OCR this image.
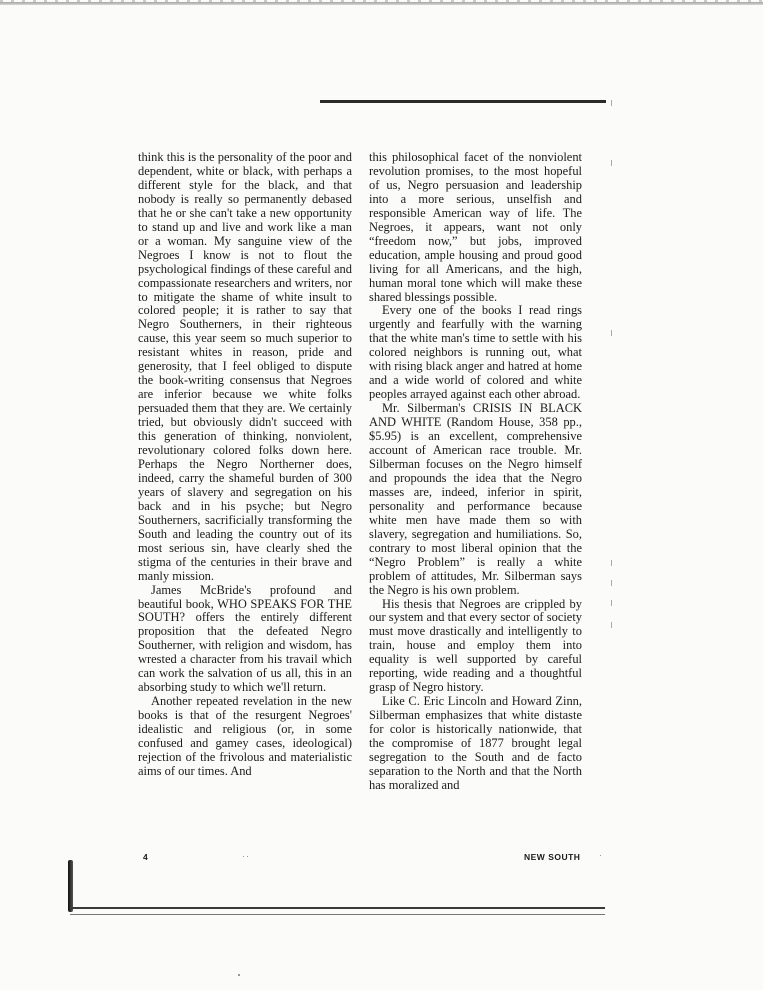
think this is the personality of the poor and dependent, white or black, with perhaps a different style for the black, and that nobody is really so permanently debased that he or she can't take a new opportunity to stand up and live and work like a man or a woman. My sanguine view of the Negroes I know is not to flout the psychological findings of these careful and compassionate researchers and writers, nor to mitigate the shame of white insult to colored people; it is rather to say that Negro Southerners, in their righteous cause, this year seem so much superior to resistant whites in reason, pride and generosity, that I feel obliged to dispute the book-writing consensus that Negroes are inferior because we white folks persuaded them that they are. We certainly tried, but obviously didn't succeed with this generation of thinking, nonviolent, revolutionary colored folks down here. Perhaps the Negro Northerner does, indeed, carry the shameful burden of 300 years of slavery and segregation on his back and in his psyche; but Negro Southerners, sacrificially transforming the South and leading the country out of its most serious sin, have clearly shed the stigma of the centuries in their brave and manly mission.

James McBride's profound and beautiful book, WHO SPEAKS FOR THE SOUTH? offers the entirely different proposition that the defeated Negro Southerner, with religion and wisdom, has wrested a character from his travail which can work the salvation of us all, this in an absorbing study to which we'll return.

Another repeated revelation in the new books is that of the resurgent Negroes' idealistic and religious (or, in some confused and gamey cases, ideological) rejection of the frivolous and materialistic aims of our times. And

this philosophical facet of the nonviolent revolution promises, to the most hopeful of us, Negro persuasion and leadership into a more serious, unselfish and responsible American way of life. The Negroes, it appears, want not only “freedom now,” but jobs, improved education, ample housing and proud good living for all Americans, and the high, human moral tone which will make these shared blessings possible.

Every one of the books I read rings urgently and fearfully with the warning that the white man's time to settle with his colored neighbors is running out, what with rising black anger and hatred at home and a wide world of colored and white peoples arrayed against each other abroad.

Mr. Silberman's CRISIS IN BLACK AND WHITE (Random House, 358 pp., $5.95) is an excellent, comprehensive account of American race trouble. Mr. Silberman focuses on the Negro himself and propounds the idea that the Negro masses are, indeed, inferior in spirit, personality and performance because white men have made them so with slavery, segregation and humiliations. So, contrary to most liberal opinion that the “Negro Problem” is really a white problem of attitudes, Mr. Silberman says the Negro is his own problem.

His thesis that Negroes are crippled by our system and that every sector of society must move drastically and intelligently to train, house and employ them into equality is well supported by careful reporting, wide reading and a thoughtful grasp of Negro history.

Like C. Eric Lincoln and Howard Zinn, Silberman emphasizes that white distaste for color is historically nationwide, that the compromise of 1877 brought legal segregation to the South and de facto separation to the North and that the North has moralized and

4	NEW SOUTH
